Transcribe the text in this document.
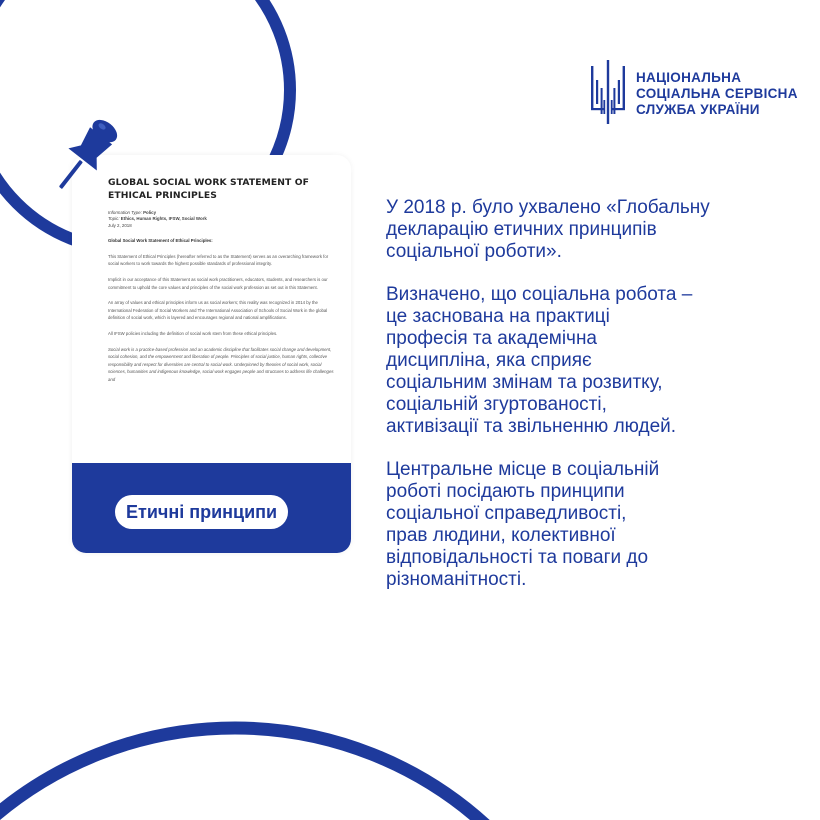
НАЦІОНАЛЬНА
СОЦІАЛЬНА СЕРВІСНА
СЛУЖБА УКРАЇНИ
GLOBAL SOCIAL WORK STATEMENT OF ETHICAL PRINCIPLES
Information Type: Policy
Topic: Ethics, Human Rights, IFSW, Social Work
July 2, 2018
Global Social Work Statement of Ethical Principles:
This Statement of Ethical Principles (hereafter referred to as the Statement) serves as an overarching framework for social workers to work towards the highest possible standards of professional integrity.
Implicit in our acceptance of this Statement as social work practitioners, educators, students, and researchers is our commitment to uphold the core values and principles of the social work profession as set out in this Statement.
An array of values and ethical principles inform us as social workers; this reality was recognized in 2014 by the International Federation of Social Workers and The International Association of Schools of Social Work in the global definition of social work, which is layered and encourages regional and national amplifications.
All IFSW policies including the definition of social work stem from these ethical principles.
Social work is a practice-based profession and an academic discipline that facilitates social change and development, social cohesion, and the empowerment and liberation of people. Principles of social justice, human rights, collective responsibility and respect for diversities are central to social work. Underpinned by theories of social work, social sciences, humanities and indigenous knowledge, social work engages people and structures to address life challenges and
Етичні принципи

У 2018 р. було ухвалено «Глобальну
декларацію етичних принципів
соціальної роботи».

Визначено, що соціальна робота –
це заснована на практиці
професія та академічна
дисципліна, яка сприяє
соціальним змінам та розвитку,
соціальній згуртованості,
активізації та звільненню людей.

Центральне місце в соціальній
роботі посідають принципи
соціальної справедливості,
прав людини, колективної
відповідальності та поваги до
різноманітності.
